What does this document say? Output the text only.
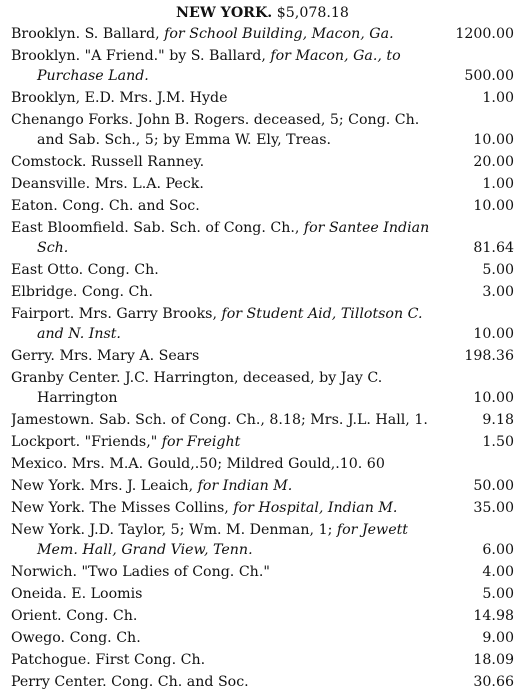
NEW YORK. $5,078.18
Brooklyn. S. Ballard, for School Building, Macon, Ga.	1200.00
Brooklyn. "A Friend." by S. Ballard, for Macon, Ga., to Purchase Land.	500.00
Brooklyn, E.D. Mrs. J.M. Hyde	1.00
Chenango Forks. John B. Rogers. deceased, 5; Cong. Ch. and Sab. Sch., 5; by Emma W. Ely, Treas.	10.00
Comstock. Russell Ranney.	20.00
Deansville. Mrs. L.A. Peck.	1.00
Eaton. Cong. Ch. and Soc.	10.00
East Bloomfield. Sab. Sch. of Cong. Ch., for Santee Indian Sch.	81.64
East Otto. Cong. Ch.	5.00
Elbridge. Cong. Ch.	3.00
Fairport. Mrs. Garry Brooks, for Student Aid, Tillotson C. and N. Inst.	10.00
Gerry. Mrs. Mary A. Sears	198.36
Granby Center. J.C. Harrington, deceased, by Jay C. Harrington	10.00
Jamestown. Sab. Sch. of Cong. Ch., 8.18; Mrs. J.L. Hall, 1.	9.18
Lockport. "Friends," for Freight	1.50
Mexico. Mrs. M.A. Gould,.50; Mildred Gould,.10. 60
New York. Mrs. J. Leaich, for Indian M.	50.00
New York. The Misses Collins, for Hospital, Indian M.	35.00
New York. J.D. Taylor, 5; Wm. M. Denman, 1; for Jewett Mem. Hall, Grand View, Tenn.	6.00
Norwich. "Two Ladies of Cong. Ch."	4.00
Oneida. E. Loomis	5.00
Orient. Cong. Ch.	14.98
Owego. Cong. Ch.	9.00
Patchogue. First Cong. Ch.	18.09
Perry Center. Cong. Ch. and Soc.	30.66
